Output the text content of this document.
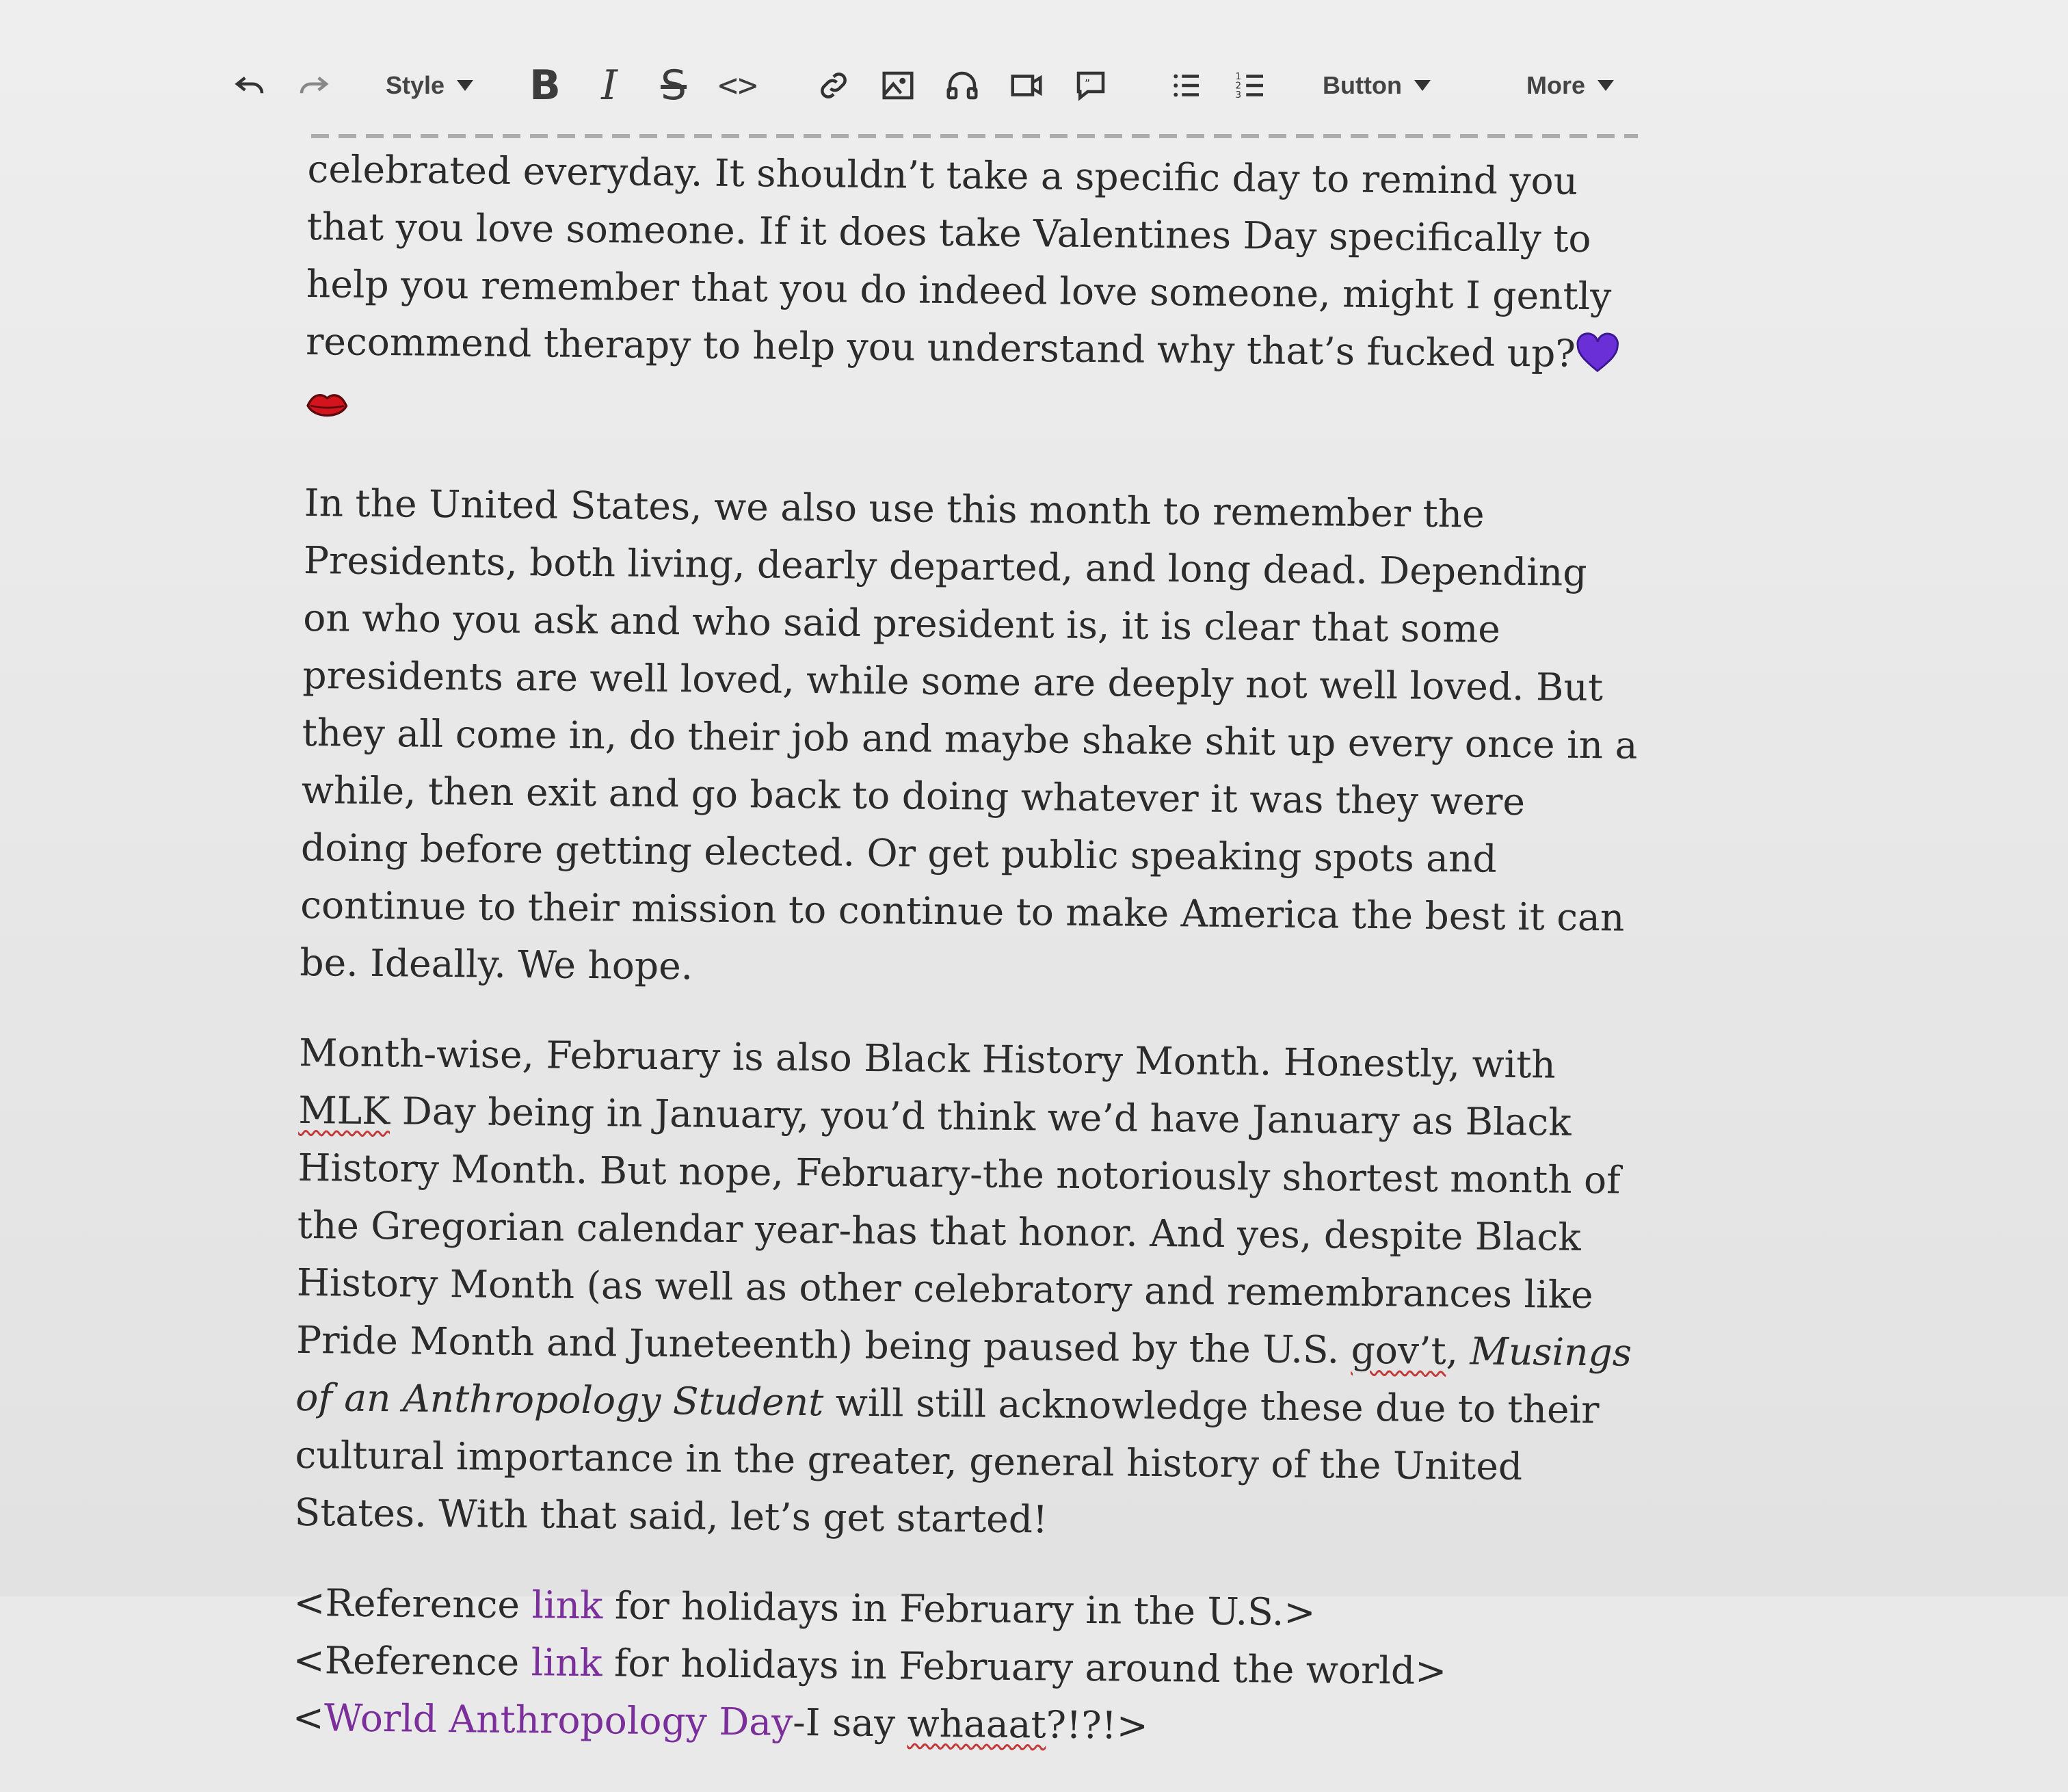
Style B I	S <>	”
1
2
3	Button	More

celebrated everyday. It shouldn’t take a specific day to remind you that you love someone. If it does take Valentines Day specifically to help you remember that you do indeed love someone, might I gently recommend therapy to help you understand why that’s fucked up?

In the United States, we also use this month to remember the Presidents, both living, dearly departed, and long dead. Depending on who you ask and who said president is, it is clear that some presidents are well loved, while some are deeply not well loved. But they all come in, do their job and maybe shake shit up every once in a while, then exit and go back to doing whatever it was they were doing before getting elected. Or get public speaking spots and continue to their mission to continue to make America the best it can be. Ideally. We hope.

Month-wise, February is also Black History Month. Honestly, with MLK Day being in January, you’d think we’d have January as Black History Month. But nope, February-the notoriously shortest month of the Gregorian calendar year-has that honor. And yes, despite Black History Month (as well as other celebratory and remembrances like Pride Month and Juneteenth) being paused by the U.S. gov’t, Musings of an Anthropology Student will still acknowledge these due to their cultural importance in the greater, general history of the United States. With that said, let’s get started!

<Reference link for holidays in February in the U.S.>
<Reference link for holidays in February around the world>
<World Anthropology Day-I say whaaat?!?!>
